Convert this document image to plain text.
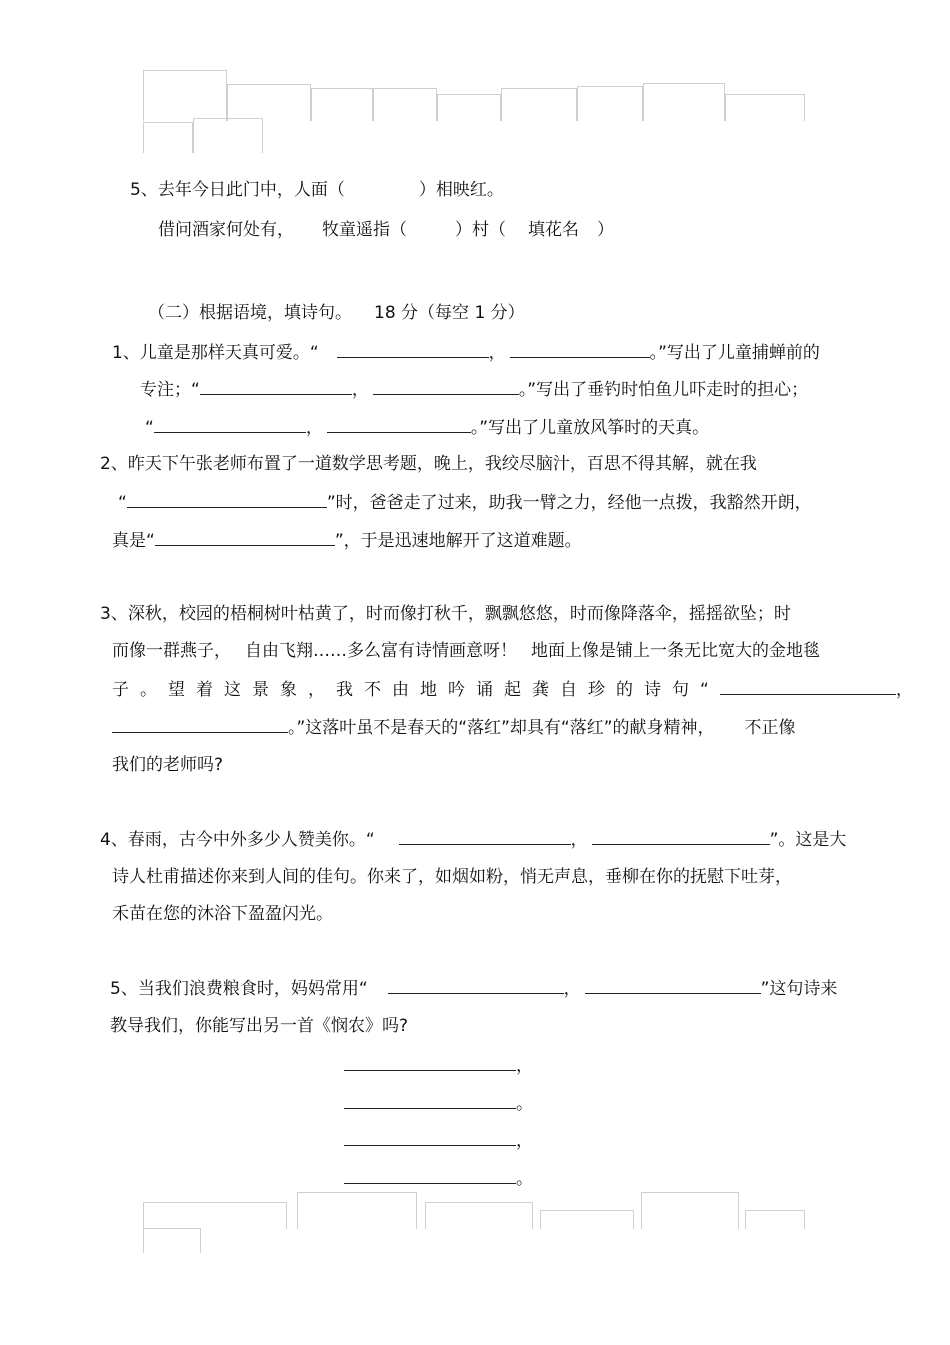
5、去年今日此门中，人面（	）相映红。
借问酒家何处有， 牧童遥指（	）村（ 填花名 ）
（二）根据语境，填诗句。 18 分（每空 1 分）
1、儿童是那样天真可爱。“	，	。”写出了儿童捕蝉前的
专注；“	，	。”写出了垂钓时怕鱼儿吓走时的担心；
“	，	。”写出了儿童放风筝时的天真。
2、昨天下午张老师布置了一道数学思考题，晚上，我绞尽脑汁，百思不得其解，就在我
“	”时，爸爸走了过来，助我一臂之力，经他一点拨，我豁然开朗，
真是“	”，于是迅速地解开了这道难题。
3、深秋，校园的梧桐树叶枯黄了，时而像打秋千，飘飘悠悠，时而像降落伞，摇摇欲坠；时
而像一群燕子， 自由飞翔……多么富有诗情画意呀！ 地面上像是铺上一条无比宽大的金地毯
子。望着这景象，我不由地吟诵起龚自珍的诗句“	，
。”这落叶虽不是春天的“落红”却具有“落红”的献身精神， 不正像
我们的老师吗?
4、春雨，古今中外多少人赞美你。“	，	”。这是大
诗人杜甫描述你来到人间的佳句。你来了，如烟如粉，悄无声息，垂柳在你的抚慰下吐芽，
禾苗在您的沐浴下盈盈闪光。
5、当我们浪费粮食时，妈妈常用“	，	”这句诗来
教导我们，你能写出另一首《悯农》吗?
，
。
，
。
